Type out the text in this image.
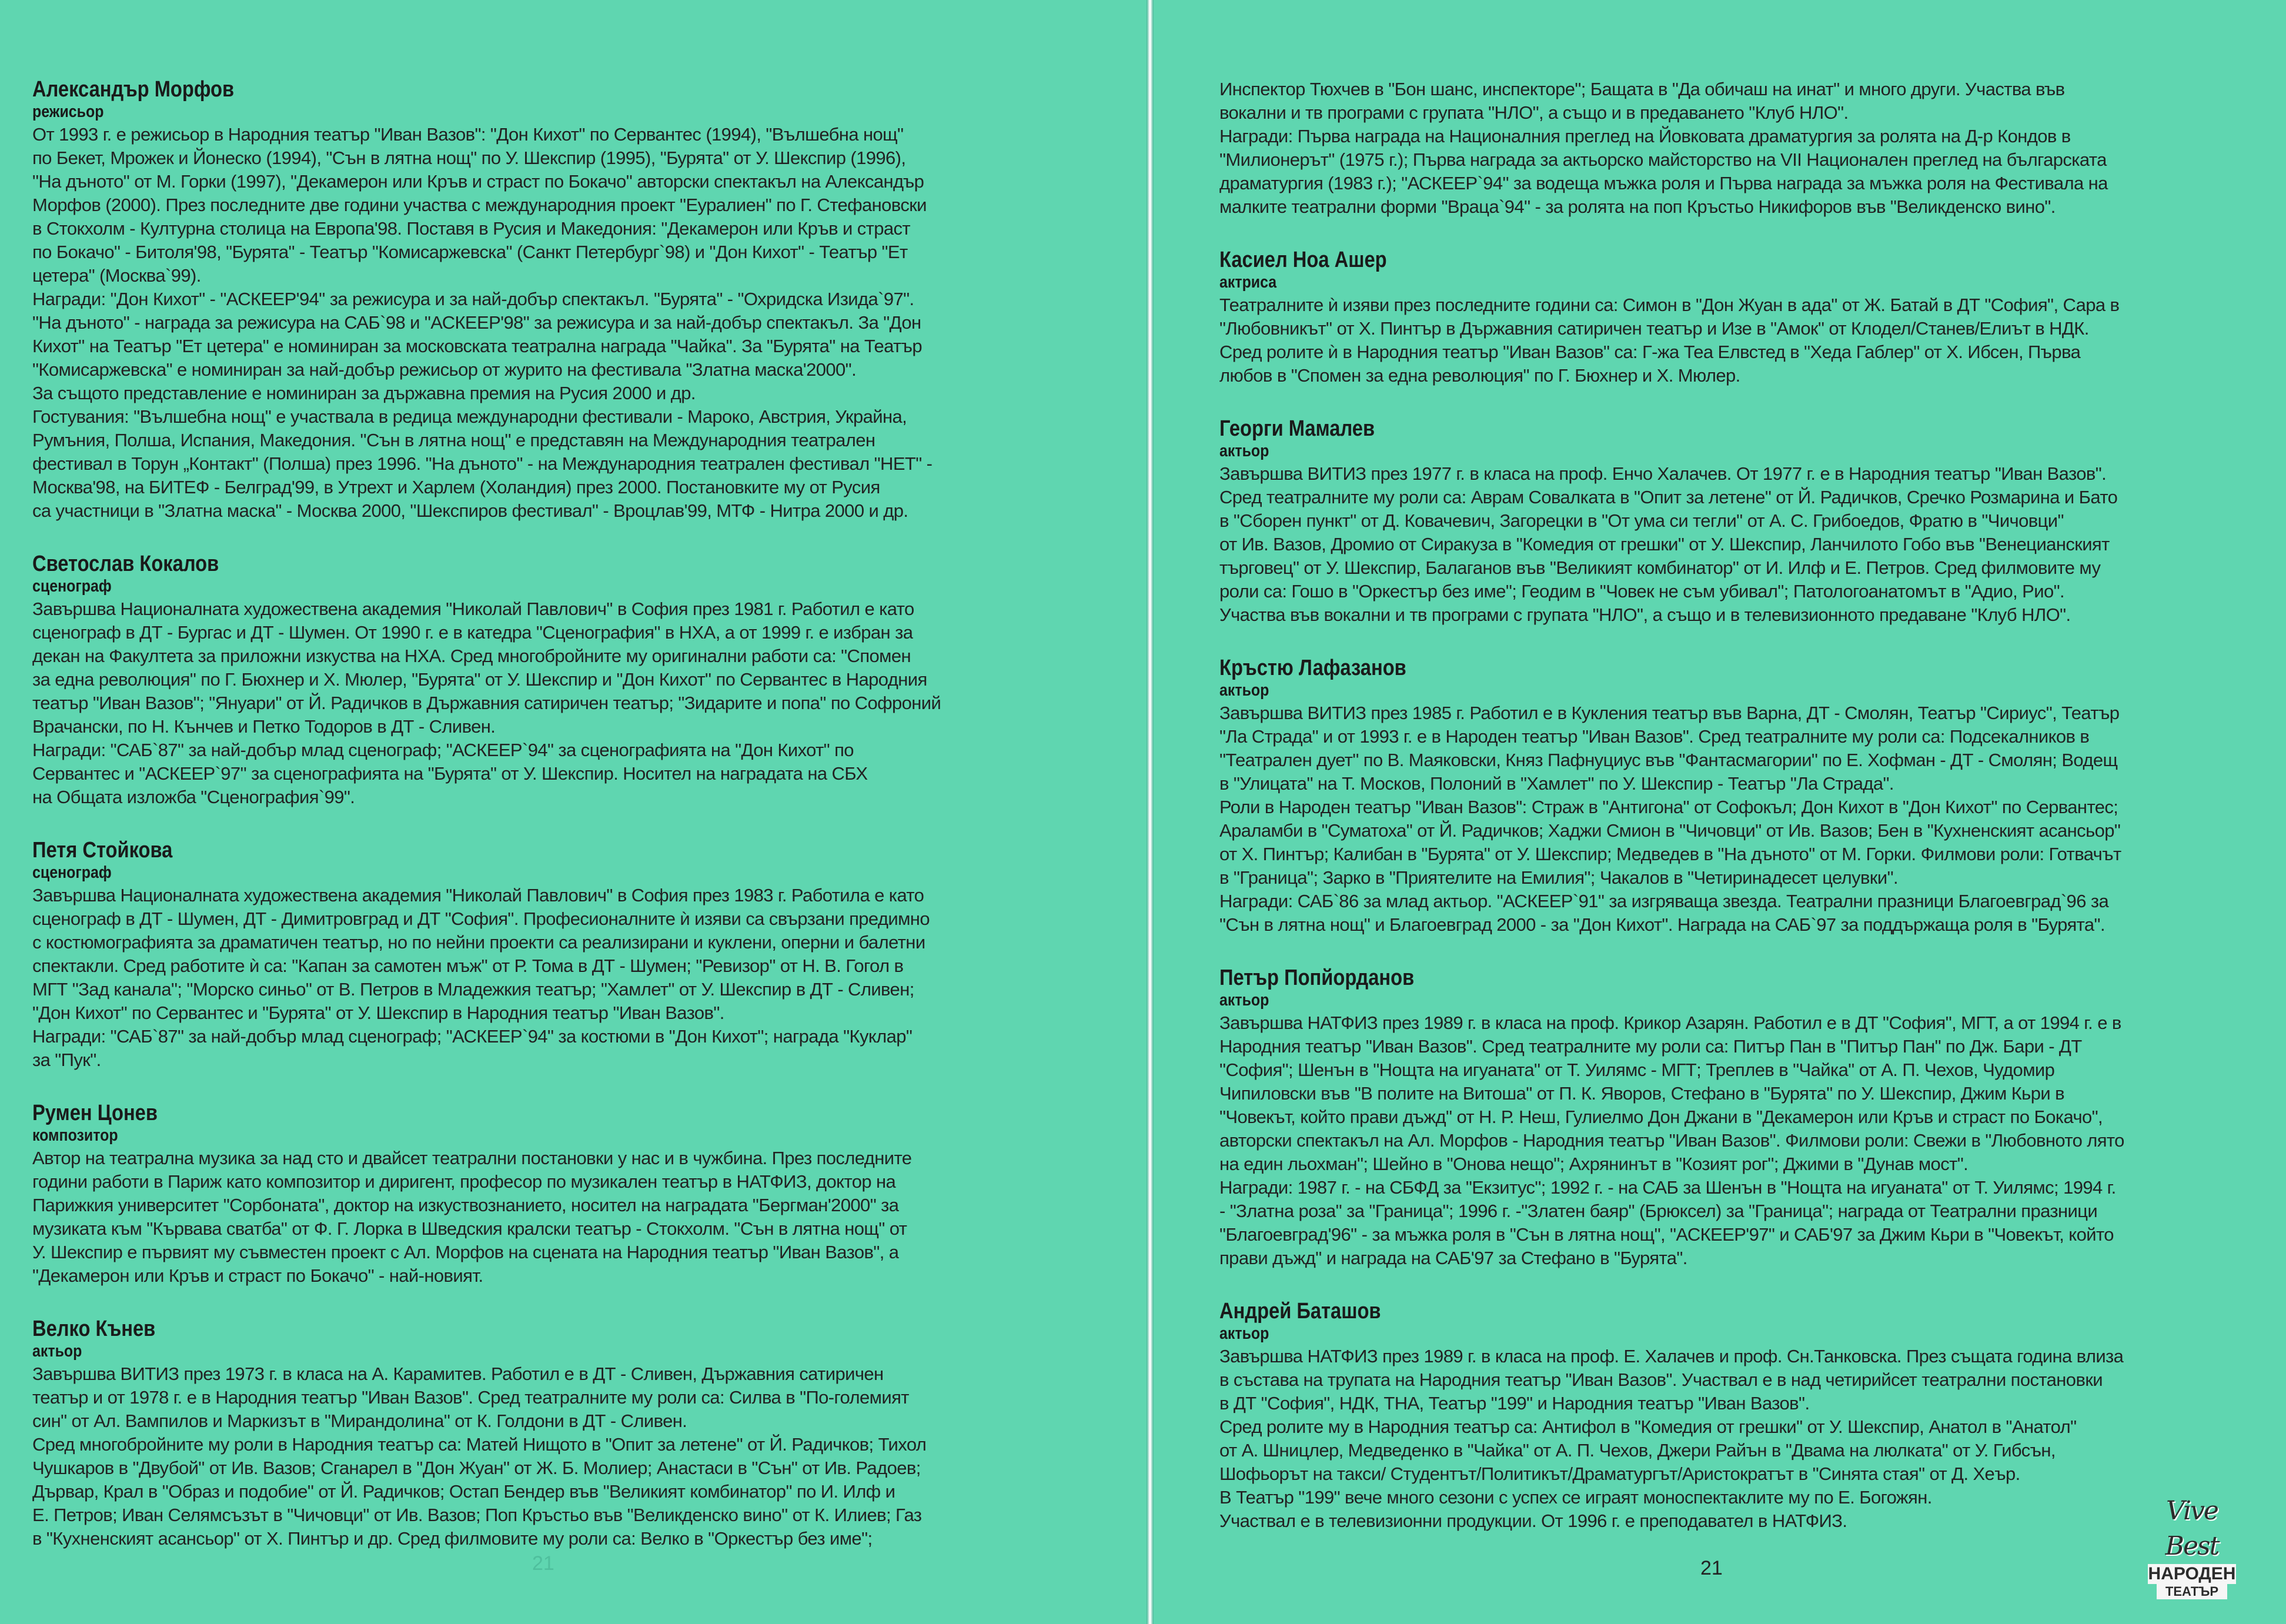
Александър Морфов
режисьор
От 1993 г. е режисьор в Народния театър "Иван Вазов": "Дон Кихот" по Сервантес (1994), "Вълшебна нощ"
по Бекет, Мрожек и Йонеско (1994), "Сън в лятна нощ" по У. Шекспир (1995), "Бурята" от У. Шекспир (1996),
"На дъното" от М. Горки (1997), "Декамерон или Кръв и страст по Бокачо" авторски спектакъл на Александър
Морфов (2000). През последните две години участва с международния проект "Еуралиен" по Г. Стефановски
в Стокхолм - Културна столица на Европа'98. Поставя в Русия и Македония: "Декамерон или Кръв и страст
по Бокачо" - Битоля'98, "Бурята" - Театър "Комисаржевска" (Санкт Петербург`98) и "Дон Кихот" - Театър "Ет
цетера" (Москва`99).
Награди: "Дон Кихот" - "АСКЕЕР'94" за режисура и за най-добър спектакъл. "Бурята" - "Охридска Изида`97".
"На дъното" - награда за режисура на САБ`98 и "АСКЕЕР'98" за режисура и за най-добър спектакъл. За "Дон
Кихот" на Театър "Ет цетера" е номиниран за московската театрална награда "Чайка". За "Бурята" на Театър
"Комисаржевска" е номиниран за най-добър режисьор от журито на фестивала "Златна маска'2000".
За същото представление е номиниран за държавна премия на Русия 2000 и др.
Гостувания: "Вълшебна нощ" е участвала в редица международни фестивали - Мароко, Австрия, Украйна,
Румъния, Полша, Испания, Македония. "Сън в лятна нощ" е представян на Международния театрален
фестивал в Торун „Контакт" (Полша) през 1996. "На дъното" - на Международния театрален фестивал "НЕТ" -
Москва'98, на БИТЕФ - Белград'99, в Утрехт и Харлем (Холандия) през 2000. Постановките му от Русия
са участници в "Златна маска" - Москва 2000, "Шекспиров фестивал" - Вроцлав'99, МТФ - Нитра 2000 и др.
Светослав Кокалов
сценограф
Завършва Националната художествена академия "Николай Павлович" в София през 1981 г. Работил е като
сценограф в ДТ - Бургас и ДТ - Шумен. От 1990 г. е в катедра "Сценография" в НХА, а от 1999 г. е избран за
декан на Факултета за приложни изкуства на НХА. Сред многобройните му оригинални работи са: "Спомен
за една революция" по Г. Бюхнер и Х. Мюлер, "Бурята" от У. Шекспир и "Дон Кихот" по Сервантес в Народния
театър "Иван Вазов"; "Януари" от Й. Радичков в Държавния сатиричен театър; "Зидарите и попа" по Софроний
Врачански, по Н. Кънчев и Петко Тодоров в ДТ - Сливен.
Награди: "САБ`87" за най-добър млад сценограф; "АСКЕЕР`94" за сценографията на "Дон Кихот" по
Сервантес и "АСКЕЕР`97" за сценографията на "Бурята" от У. Шекспир. Носител на наградата на СБХ
на Общата изложба "Сценография`99".
Петя Стойкова
сценограф
Завършва Националната художествена академия "Николай Павлович" в София през 1983 г. Работила е като
сценограф в ДТ - Шумен, ДТ - Димитровград и ДТ "София". Професионалните ѝ изяви са свързани предимно
с костюмографията за драматичен театър, но по нейни проекти са реализирани и куклени, оперни и балетни
спектакли. Сред работите ѝ са: "Капан за самотен мъж" от Р. Тома в ДТ - Шумен; "Ревизор" от Н. В. Гогол в
МГТ "Зад канала"; "Морско синьо" от В. Петров в Младежкия театър; "Хамлет" от У. Шекспир в ДТ - Сливен;
"Дон Кихот" по Сервантес и "Бурята" от У. Шекспир в Народния театър "Иван Вазов".
Награди: "САБ`87" за най-добър млад сценограф; "АСКЕЕР`94" за костюми в "Дон Кихот"; награда "Куклар"
за "Пук".
Румен Цонев
композитор
Автор на театрална музика за над сто и двайсет театрални постановки у нас и в чужбина. През последните
години работи в Париж като композитор и диригент, професор по музикален театър в НАТФИЗ, доктор на
Парижкия университет "Сорбоната", доктор на изкуствознанието, носител на наградата "Бергман'2000" за
музиката към "Кървава сватба" от Ф. Г. Лорка в Шведския кралски театър - Стокхолм. "Сън в лятна нощ" от
У. Шекспир е първият му съвместен проект с Ал. Морфов на сцената на Народния театър "Иван Вазов", а
"Декамерон или Кръв и страст по Бокачо" - най-новият.
Велко Кънев
актьор
Завършва ВИТИЗ през 1973 г. в класа на А. Карамитев. Работил е в ДТ - Сливен, Държавния сатиричен
театър и от 1978 г. е в Народния театър "Иван Вазов". Сред театралните му роли са: Силва в "По-големият
син" от Ал. Вампилов и Маркизът в "Мирандолина" от К. Голдони в ДТ - Сливен.
Сред многобройните му роли в Народния театър са: Матей Нищото в "Опит за летене" от Й. Радичков; Тихол
Чушкаров в "Двубой" от Ив. Вазов; Сганарел в "Дон Жуан" от Ж. Б. Молиер; Анастаси в "Сън" от Ив. Радоев;
Дървар, Крал в "Образ и подобие" от Й. Радичков; Остап Бендер във "Великият комбинатор" по И. Илф и
Е. Петров; Иван Селямсъзът в "Чичовци" от Ив. Вазов; Поп Кръстьо във "Великденско вино" от К. Илиев; Газ
в "Кухненският асансьор" от Х. Пинтър и др. Сред филмовите му роли са: Велко в "Оркестър без име";
Инспектор Тюхчев в "Бон шанс, инспекторе"; Бащата в "Да обичаш на инат" и много други. Участва във
вокални и тв програми с групата "НЛО", а също и в предаването "Клуб НЛО".
Награди: Първа награда на Националния преглед на Йовковата драматургия за ролята на Д-р Кондов в
"Милионерът" (1975 г.); Първа награда за актьорско майсторство на VII Националeн преглед на българската
драматургия (1983 г.); "АСКЕЕР`94" за водеща мъжка роля и Първа награда за мъжка роля на Фестивала на
малките театрални форми "Враца`94" - за ролята на поп Кръстьо Никифоров във "Великденско вино".
Касиел Ноа Ашер
актриса
Театралните ѝ изяви през последните години са: Симон в "Дон Жуан в ада" от Ж. Батай в ДТ "София", Сара в
"Любовникът" от Х. Пинтър в Държавния сатиричен театър и Изе в "Амок" от Клодел/Станев/Елиът в НДК.
Сред ролите ѝ в Народния театър "Иван Вазов" са: Г-жа Теа Елвстед в "Хеда Габлер" от Х. Ибсен, Първа
любов в "Спомен за една революция" по Г. Бюхнер и Х. Мюлер.
Георги Мамалев
актьор
Завършва ВИТИЗ през 1977 г. в класа на проф. Енчо Халачев. От 1977 г. е в Народния театър "Иван Вазов".
Сред театралните му роли са: Аврам Совалката в "Опит за летене" от Й. Радичков, Сречко Розмарина и Бато
в "Сборен пункт" от Д. Ковачевич, Загорецки в "От ума си тегли" от А. С. Грибоедов, Фратю в "Чичовци"
от Ив. Вазов, Дромио от Сиракуза в "Комедия от грешки" от У. Шекспир, Ланчилото Гобо във "Венецианският
търговец" от У. Шекспир, Балаганов във "Великият комбинатор" от И. Илф и Е. Петров. Сред филмовите му
роли са: Гошо в "Оркестър без име"; Геодим в "Човек не съм убивал"; Патологоанатомът в "Адио, Рио".
Участва във вокални и тв програми с групата "НЛО", а също и в телевизионното предаване "Клуб НЛО".
Кръстю Лафазанов
актьор
Завършва ВИТИЗ през 1985 г. Работил е в Кукления театър във Варна, ДТ - Смолян, Театър "Сириус", Театър
"Ла Страда" и от 1993 г. е в Народен театър "Иван Вазов". Сред театралните му роли са: Подсекалников в
"Театрален дует" по В. Маяковски, Княз Пафнуциус във "Фантасмагории" по Е. Хофман - ДТ - Смолян; Водещ
в "Улицата" на Т. Москов, Полоний в "Хамлет" по У. Шекспир - Театър "Ла Страда".
Роли в Народен театър "Иван Вазов": Страж в "Антигона" от Софокъл; Дон Кихот в "Дон Кихот" по Сервантес;
Араламби в "Суматоха" от Й. Радичков; Хаджи Смион в "Чичовци" от Ив. Вазов; Бен в "Кухненският асансьор"
от Х. Пинтър; Калибан в "Бурята" от У. Шекспир; Медведев в "На дъното" от М. Горки. Филмови роли: Готвачът
в "Граница"; Зарко в "Приятелите на Емилия"; Чакалов в "Четиринадесет целувки".
Награди: САБ`86 за млад актьор. "АСКЕЕР`91" за изгряваща звезда. Театрални празници Благоевград`96 за
"Сън в лятна нощ" и Благоевград 2000 - за "Дон Кихот". Награда на САБ`97 за поддържаща роля в "Бурята".
Петър Попйорданов
актьор
Завършва НАТФИЗ през 1989 г. в класа на проф. Крикор Азарян. Работил е в ДТ "София", МГТ, а от 1994 г. е в
Народния театър "Иван Вазов". Сред театралните му роли са: Питър Пан в "Питър Пан" по Дж. Бари - ДТ
"София"; Шенън в "Нощта на игуаната" от Т. Уилямс - МГТ; Треплев в "Чайка" от А. П. Чехов, Чудомир
Чипиловски във "В полите на Витоша" от П. К. Яворов, Стефано в "Бурята" по У. Шекспир, Джим Кьри в
"Човекът, който прави дъжд" от Н. Р. Неш, Гулиелмо Дон Джани в "Декамерон или Кръв и страст по Бокачо",
авторски спектакъл на Ал. Морфов - Народния театър "Иван Вазов". Филмови роли: Свежи в "Любовното лято
на един льохман"; Шейно в "Онова нещо"; Ахрянинът в "Козият рог"; Джими в "Дунав мост".
Награди: 1987 г. - на СБФД за "Екзитус"; 1992 г. - на САБ за Шенън в "Нощта на игуаната" от Т. Уилямс; 1994 г.
- "Златна роза" за "Граница"; 1996 г. -"Златен баяр" (Брюксел) за "Граница"; награда от Театрални празници
"Благоевград'96" - за мъжка роля в "Сън в лятна нощ", "АСКЕЕР'97" и САБ'97 за Джим Кьри в "Човекът, който
прави дъжд" и награда на САБ'97 за Стефано в "Бурята".
Андрей Баташов
актьор
Завършва НАТФИЗ през 1989 г. в класа на проф. Е. Халачев и проф. Сн.Танковска. През същата година влиза
в състава на трупата на Народния театър "Иван Вазов". Участвал е в над четирийсет театрални постановки
в ДТ "София", НДК, ТНА, Театър "199" и Народния театър "Иван Вазов".
Сред ролите му в Народния театър са: Антифол в "Комедия от грешки" от У. Шекспир, Анатол в "Анатол"
от А. Шницлер, Медведенко в "Чайка" от А. П. Чехов, Джери Райън в "Двама на люлката" от У. Гибсън,
Шофьорът на такси/ Студентът/Политикът/Драматургът/Аристократът в "Синята стая" от Д. Хеър.
В Театър "199" вече много сезони с успех се играят моноспектаклите му по Е. Богожян.
Участвал е в телевизионни продукции. От 1996 г. е преподавател в НАТФИЗ.
21	21
Vive Best
НАРОДЕН
ТЕАТЪР
